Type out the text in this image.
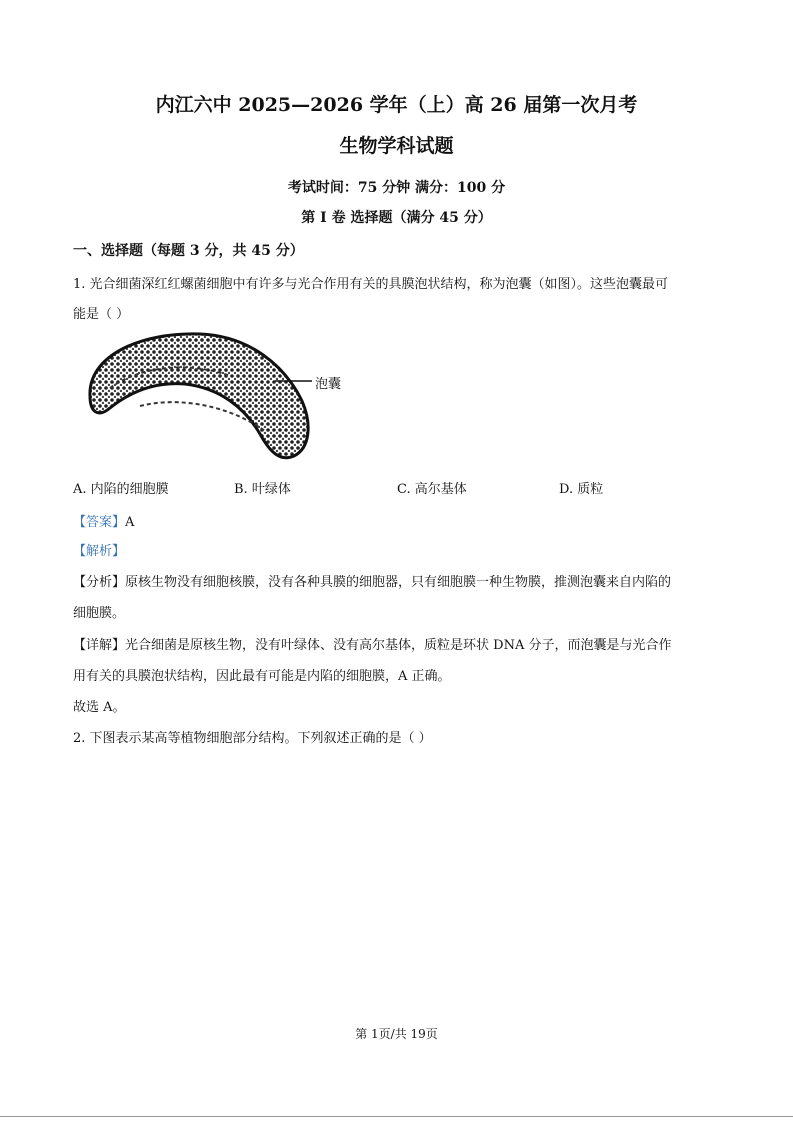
内江六中 2025—2026 学年（上）高 26 届第一次月考
生物学科试题
考试时间：75 分钟 满分：100 分
第 I 卷 选择题（满分 45 分）
一、选择题（每题 3 分，共 45 分）
1. 光合细菌深红红螺菌细胞中有许多与光合作用有关的具膜泡状结构，称为泡囊（如图）。这些泡囊最可
能是（ ）
泡囊
A. 内陷的细胞膜	B. 叶绿体	C. 高尔基体	D. 质粒
【答案】A
【解析】
【分析】原核生物没有细胞核膜，没有各种具膜的细胞器，只有细胞膜一种生物膜，推测泡囊来自内陷的
细胞膜。
【详解】光合细菌是原核生物，没有叶绿体、没有高尔基体，质粒是环状 DNA 分子，而泡囊是与光合作
用有关的具膜泡状结构，因此最有可能是内陷的细胞膜，A 正确。
故选 A。
2. 下图表示某高等植物细胞部分结构。下列叙述正确的是（ ）
第 1页/共 19页
